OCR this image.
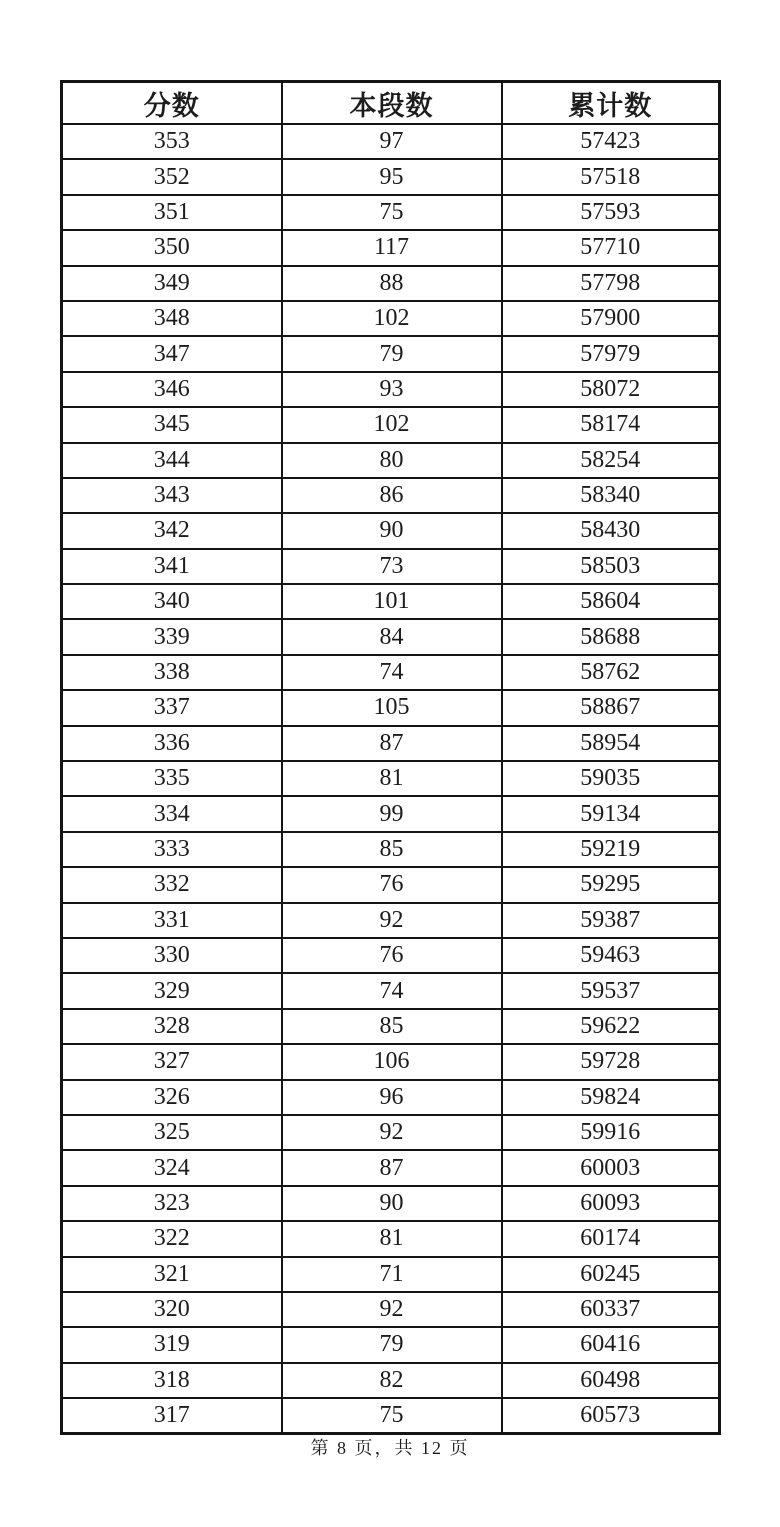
分数	本段数	累计数
353	97	57423
352	95	57518
351	75	57593
350	117	57710
349	88	57798
348	102	57900
347	79	57979
346	93	58072
345	102	58174
344	80	58254
343	86	58340
342	90	58430
341	73	58503
340	101	58604
339	84	58688
338	74	58762
337	105	58867
336	87	58954
335	81	59035
334	99	59134
333	85	59219
332	76	59295
331	92	59387
330	76	59463
329	74	59537
328	85	59622
327	106	59728
326	96	59824
325	92	59916
324	87	60003
323	90	60093
322	81	60174
321	71	60245
320	92	60337
319	79	60416
318	82	60498
317	75	60573
第 8 页，共 12 页
